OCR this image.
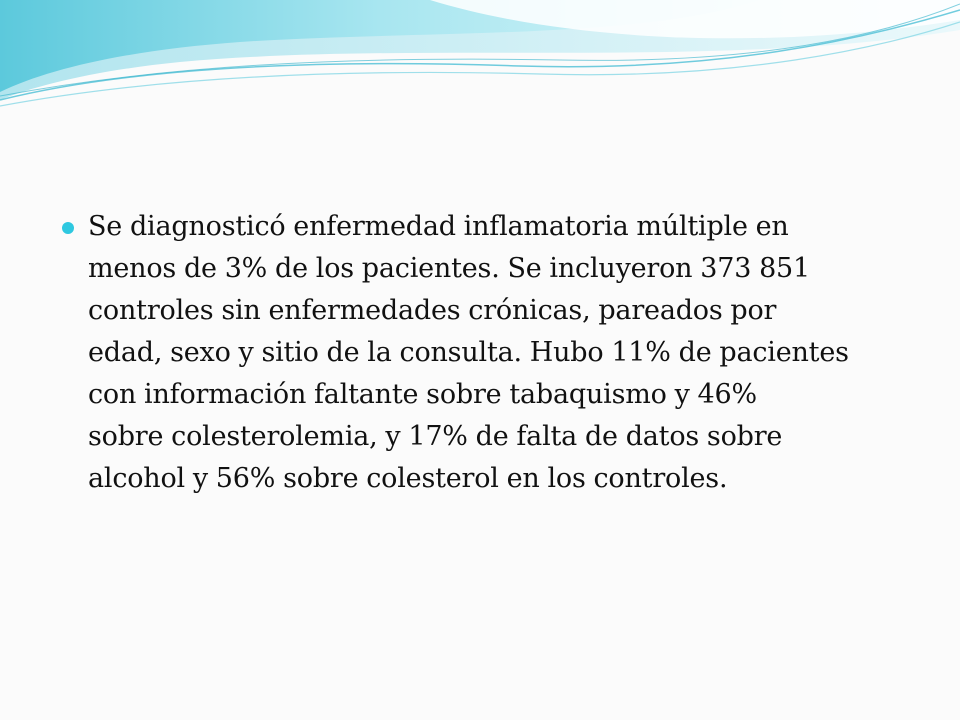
Se diagnosticó enfermedad inflamatoria múltiple en
menos de 3% de los pacientes. Se incluyeron 373 851
controles sin enfermedades crónicas, pareados por
edad, sexo y sitio de la consulta. Hubo 11% de pacientes
con información faltante sobre tabaquismo y 46%
sobre colesterolemia, y 17% de falta de datos sobre
alcohol y 56% sobre colesterol en los controles.
